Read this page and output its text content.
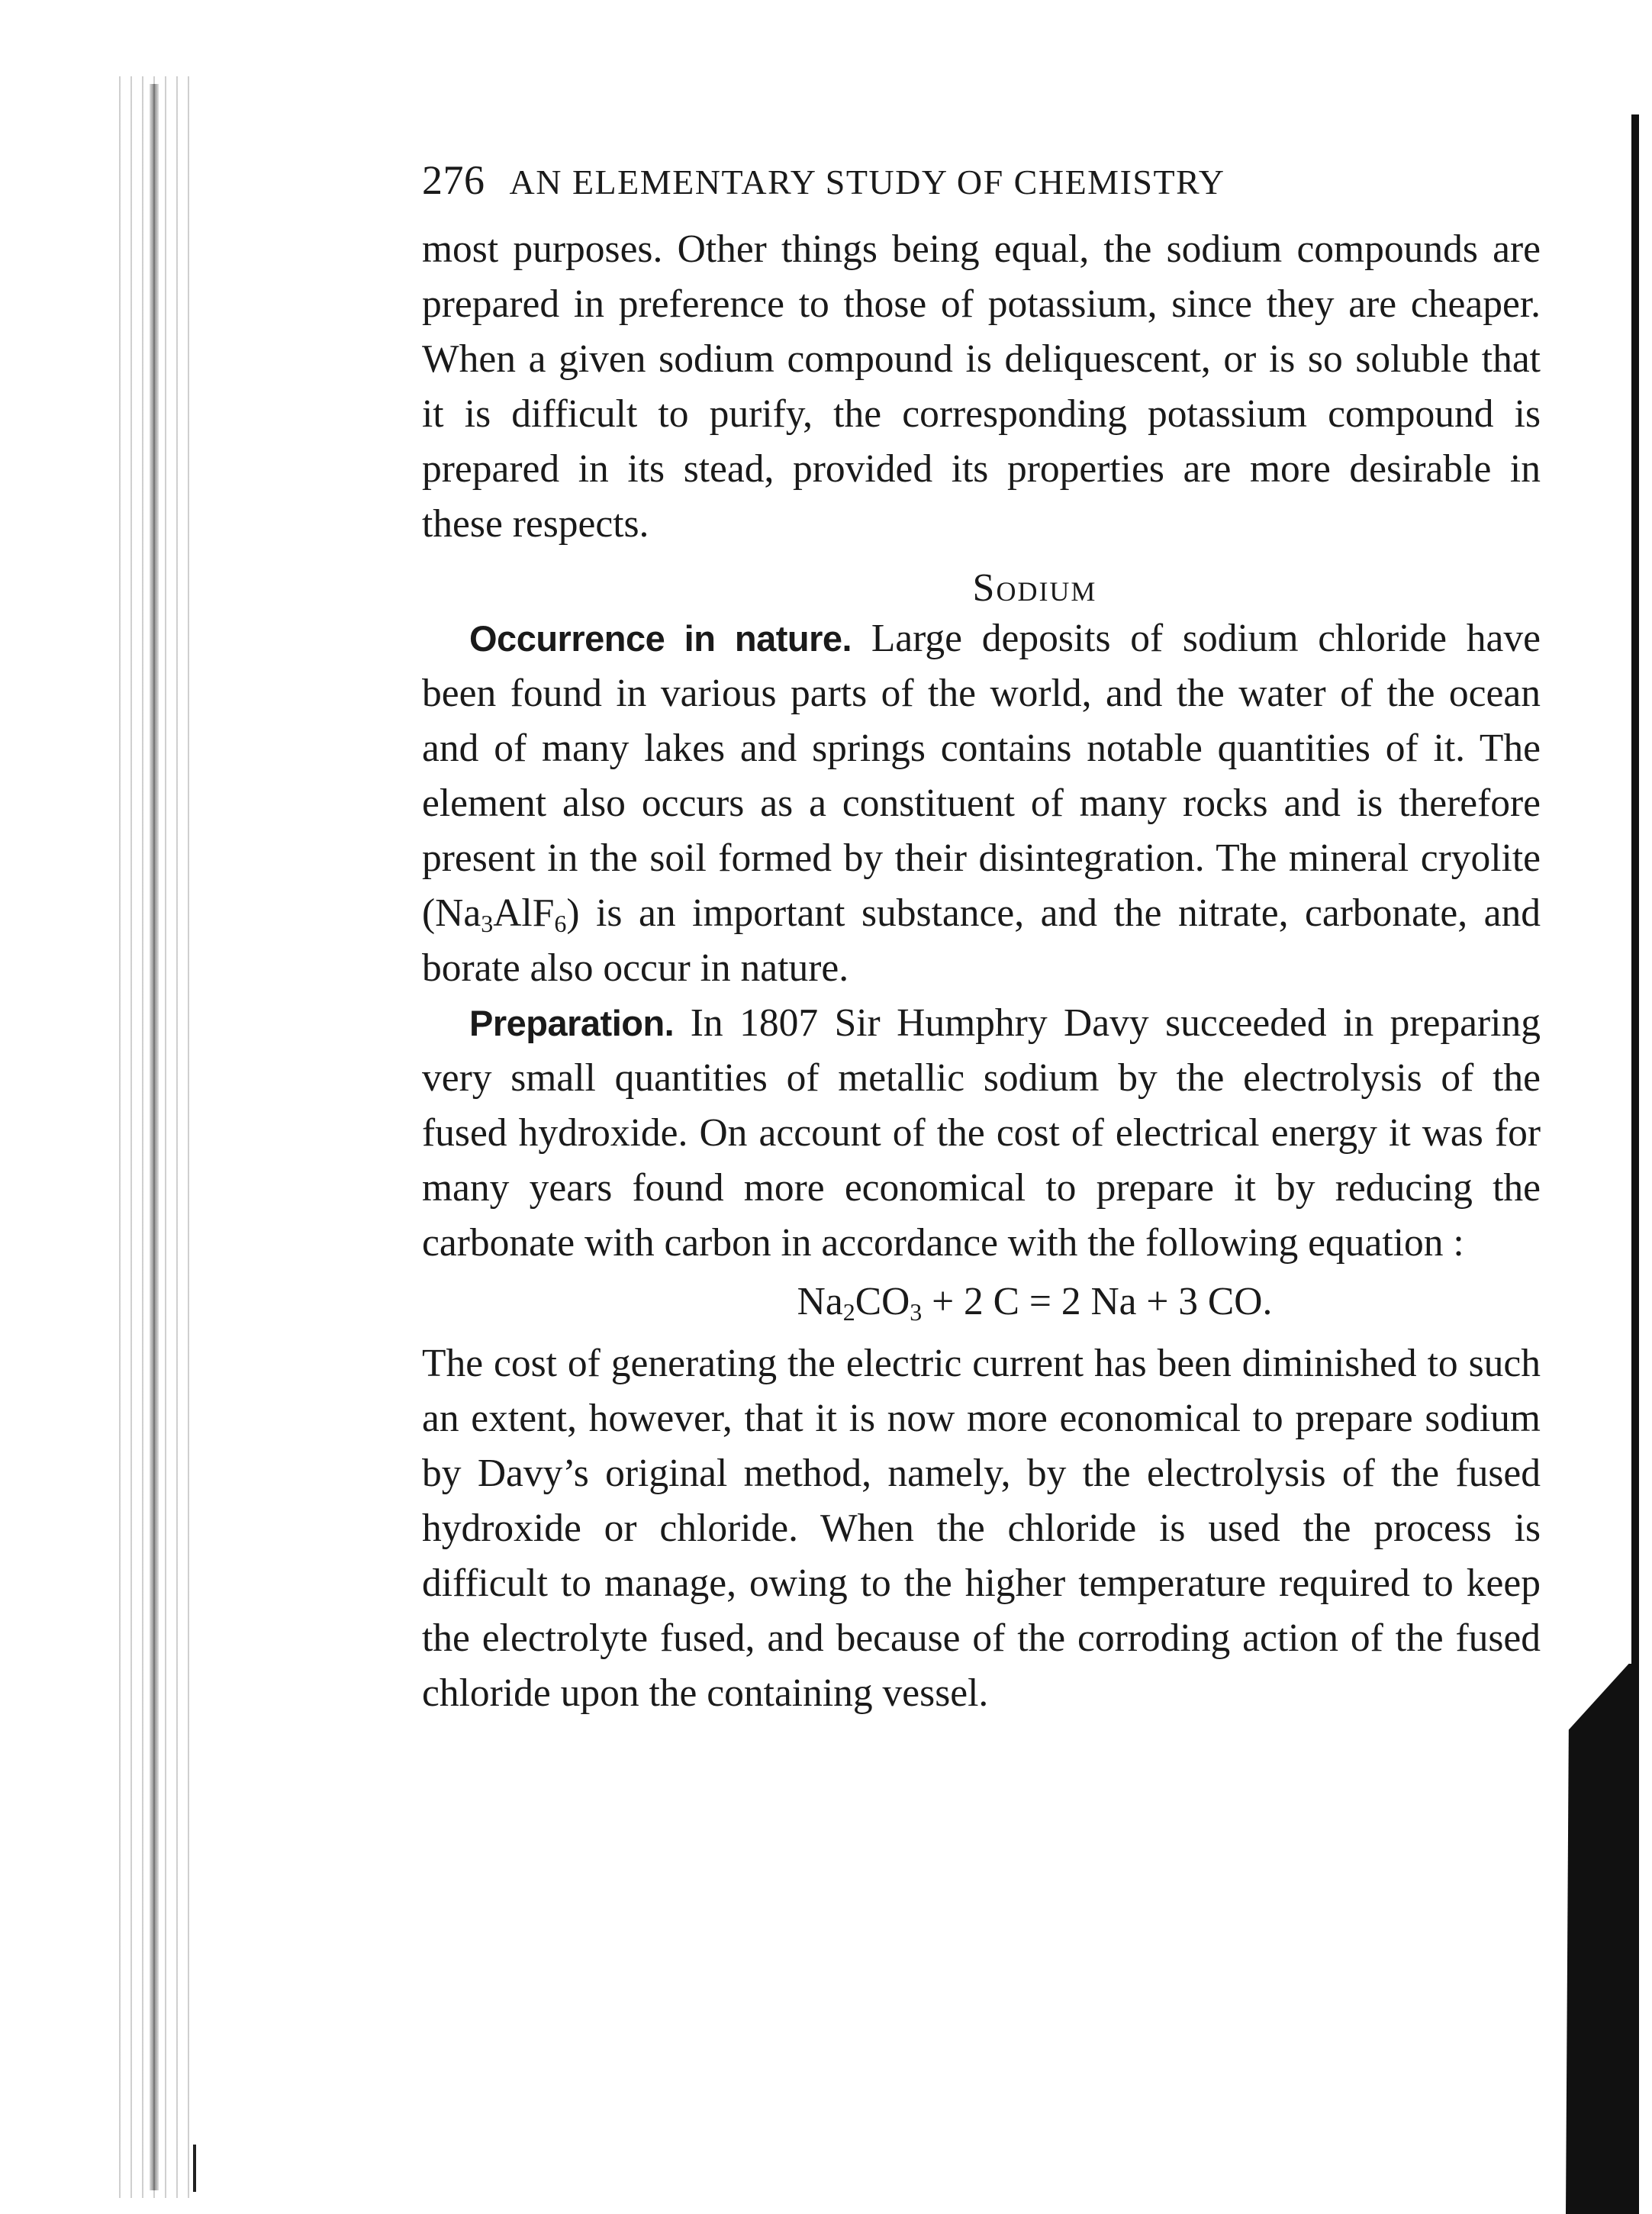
276 AN ELEMENTARY STUDY OF CHEMISTRY

most purposes. Other things being equal, the sodium compounds are prepared in preference to those of potassium, since they are cheaper. When a given sodium compound is deliquescent, or is so soluble that it is difficult to purify, the corresponding potassium compound is prepared in its stead, provided its properties are more desirable in these respects.

Sodium

Occurrence in nature. Large deposits of sodium chloride have been found in various parts of the world, and the water of the ocean and of many lakes and springs contains notable quantities of it. The element also occurs as a constituent of many rocks and is therefore present in the soil formed by their disintegration. The mineral cryolite $(Na_3AlF_6)$ is an important substance, and the nitrate, carbonate, and borate also occur in nature.

Preparation. In 1807 Sir Humphry Davy succeeded in preparing very small quantities of metallic sodium by the electrolysis of the fused hydroxide. On account of the cost of electrical energy it was for many years found more economical to prepare it by reducing the carbonate with carbon in accordance with the following equation :

$Na_2CO_3 + 2$ C = 2 Na + 3 CO.

The cost of generating the electric current has been diminished to such an extent, however, that it is now more economical to prepare sodium by Davy’s original method, namely, by the electrolysis of the fused hydroxide or chloride. When the chloride is used the process is difficult to manage, owing to the higher temperature required to keep the electrolyte fused, and because of the corroding action of the fused chloride upon the containing vessel.
